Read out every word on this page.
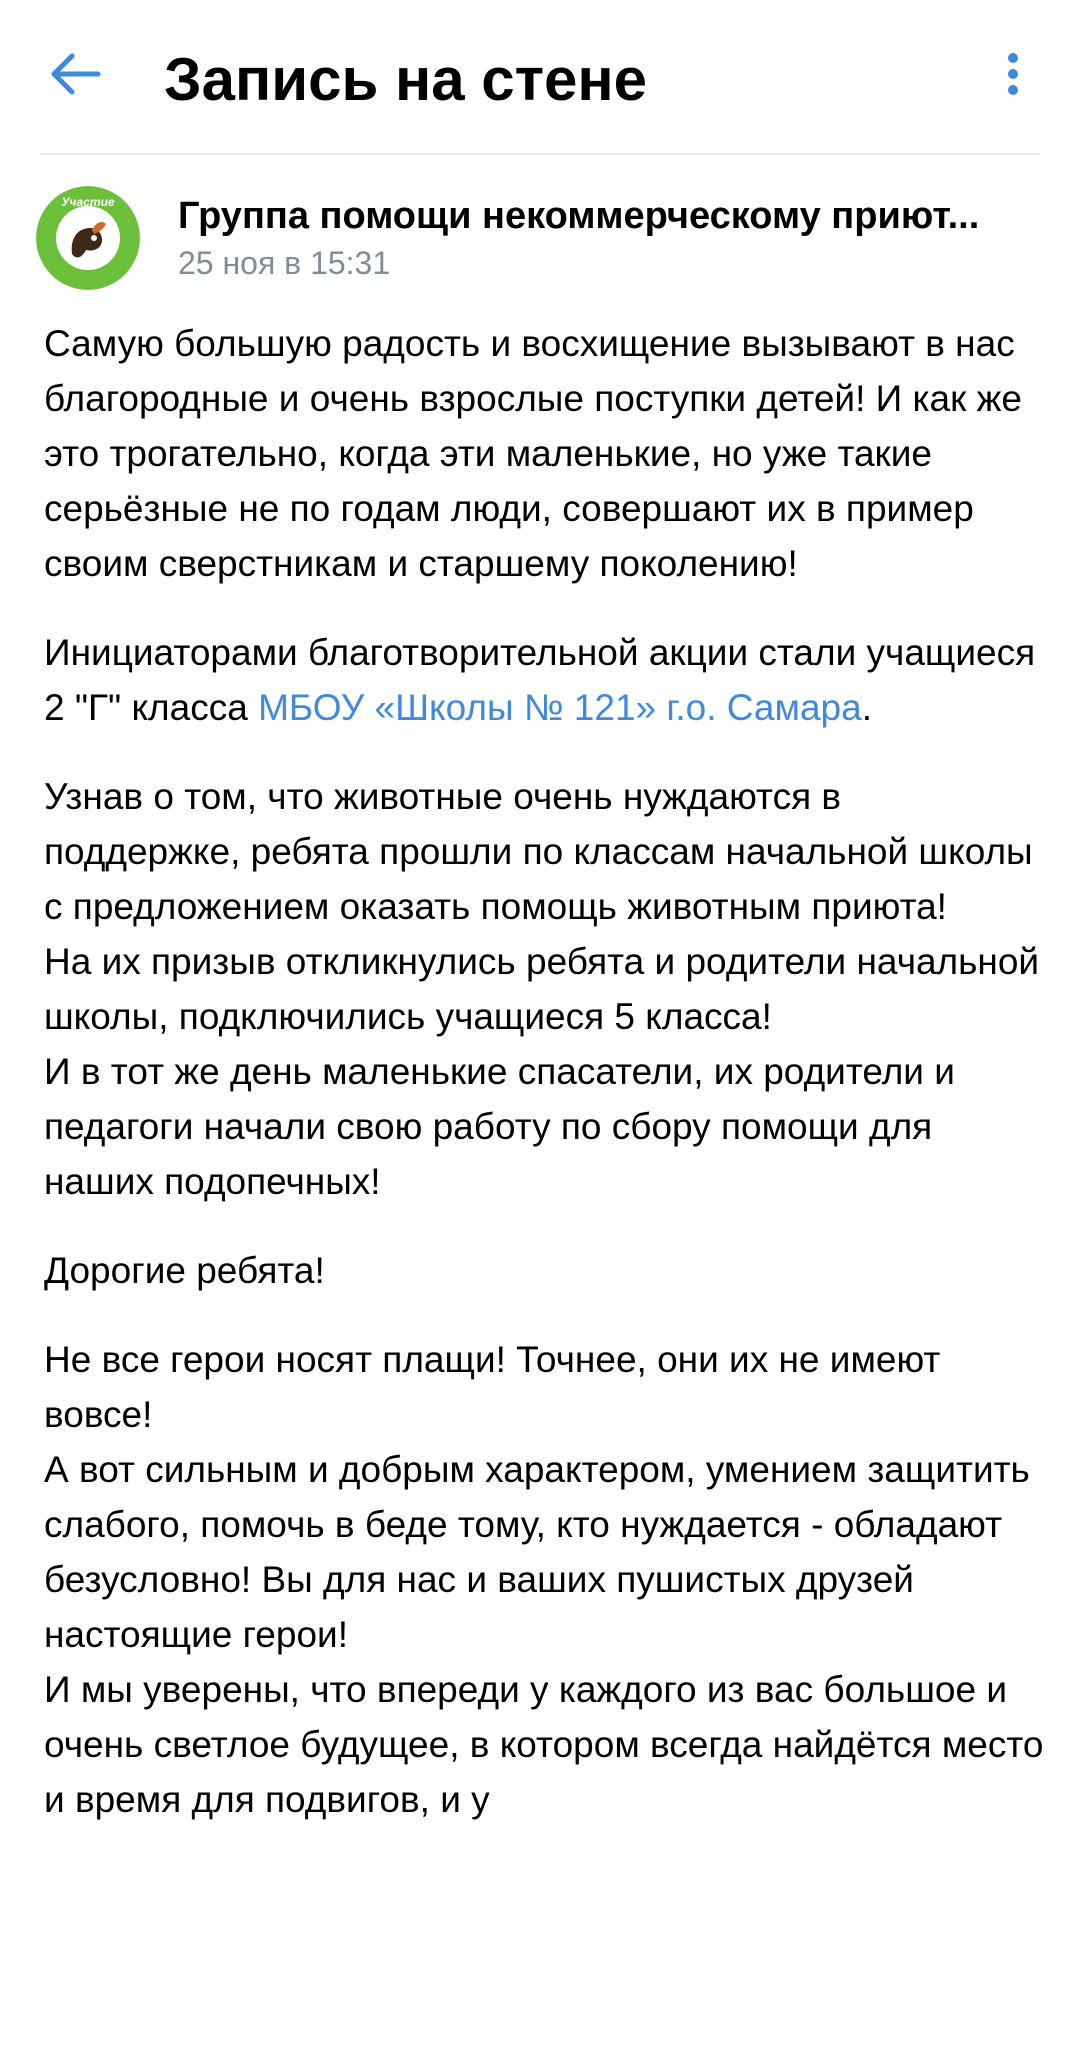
Запись на стене
Участие Группа помощи некоммерческому приют...
25 ноя в 15:31

Самую большую радость и восхищение вызывают в нас благородные и очень взрослые поступки детей! И как же это трогательно, когда эти маленькие, но уже такие серьёзные не по годам люди, совершают их в пример своим сверстникам и старшему поколению!

Инициаторами благотворительной акции стали учащиеся 2 "Г" класса МБОУ «Школы № 121» г.о. Самара.

Узнав о том, что животные очень нуждаются в поддержке, ребята прошли по классам начальной школы с предложением оказать помощь животным приюта!
На их призыв откликнулись ребята и родители начальной школы, подключились учащиеся 5 класса!
И в тот же день маленькие спасатели, их родители и педагоги начали свою работу по сбору помощи для наших подопечных!

Дорогие ребята!

Не все герои носят плащи! Точнее, они их не имеют вовсе!
А вот сильным и добрым характером, умением защитить слабого, помочь в беде тому, кто нуждается - обладают безусловно! Вы для нас и ваших пушистых друзей настоящие герои!
И мы уверены, что впереди у каждого из вас большое и очень светлое будущее, в котором всегда найдётся место и время для подвигов, и у
